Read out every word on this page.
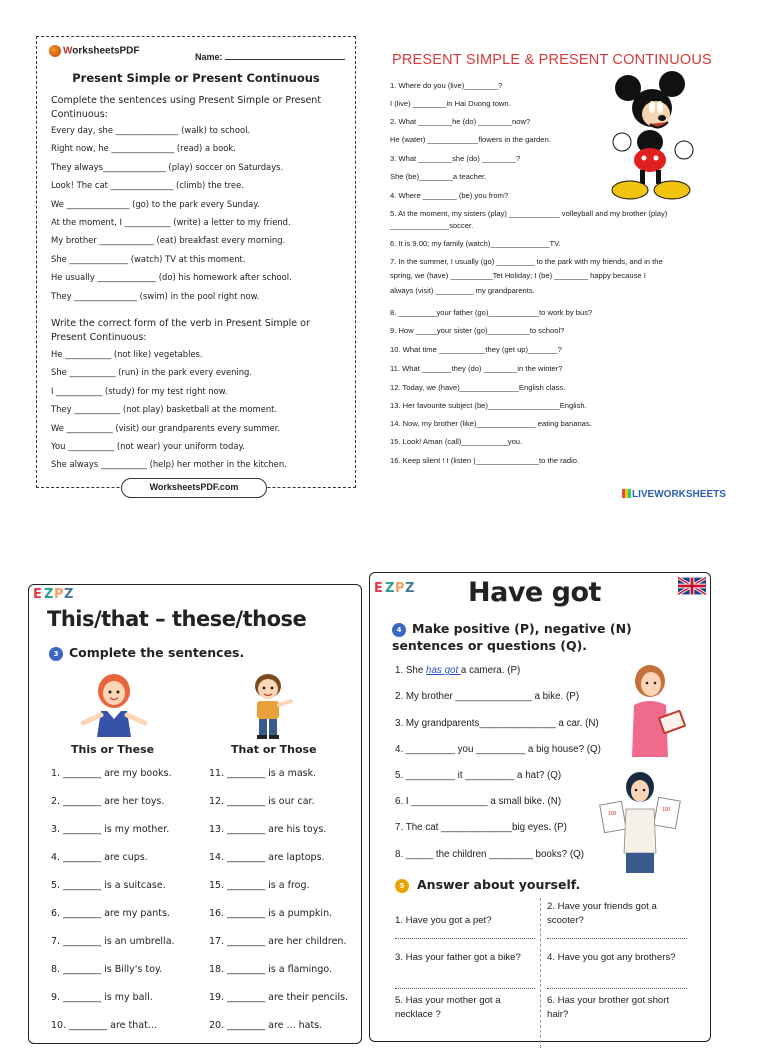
WorksheetsPDF
Name:
Present Simple or Present Continuous
Complete the sentences using Present Simple or Present Continuous:
Every day, she _______________ (walk) to school.
Right now, he _______________ (read) a book.
They always_______________ (play) soccer on Saturdays.
Look! The cat _______________ (climb) the tree.
We _______________ (go) to the park every Sunday.
At the moment, I ___________ (write) a letter to my friend.
My brother _____________ (eat) breakfast every morning.
She ______________ (watch) TV at this moment.
He usually ______________ (do) his homework after school.
They _______________ (swim) in the pool right now.
Write the correct form of the verb in Present Simple or Present Continuous:
He ___________ (not like) vegetables.
She ___________ (run) in the park every evening.
I ___________ (study) for my test right now.
They ___________ (not play) basketball at the moment.
We ___________ (visit) our grandparents every summer.
You ___________ (not wear) your uniform today.
She always ___________ (help) her mother in the kitchen.
WorksheetsPDF.com
PRESENT SIMPLE & PRESENT CONTINUOUS
1. Where do you (live)________?
I (live) ________in Hai Duong town.
2. What ________he (do) ________now?
He (water) ____________flowers in the garden.
3. What ________she (do) ________?
She (be)________a teacher.
4. Where ________ (be) you from?
5. At the moment, my sisters (play) ____________ volleyball and my brother (play)
______________soccer.
6. It is 9.00; my family (watch)______________TV.
7. In the summer, I usually (go) _________ to the park with my friends, and in the
spring, we (have) __________Tet Holiday; I (be) ________ happy because I
always (visit) _________ my grandparents.
8. _________your father (go)____________to work by bus?
9. How _____your sister (go)__________to school?
10. What time ___________they (get up)_______?
11. What _______they (do) ________in the winter?
12. Today, we (have)______________English class.
13. Her favourite subject (be)_________________English.
14. Now, my brother (like)______________ eating bananas.
15. Look! Aman (call)___________you.
16. Keep silent ! I (listen )_______________to the radio.
LIVEWORKSHEETS
E Z P Z
This/that – these/those
3 Complete the sentences.
This or These	That or Those
1. ________ are my books.
2. ________ are her toys.
3. ________ is my mother.
4. ________ are cups.
5. ________ is a suitcase.
6. ________ are my pants.
7. ________ is an umbrella.
8. ________ is Billy's toy.
9. ________ is my ball.
10. ________ are that...
11. ________ is a mask.
12. ________ is our car.
13. ________ are his toys.
14. ________ are laptops.
15. ________ is a frog.
16. ________ is a pumpkin.
17. ________ are her children.
18. ________ is a flamingo.
19. ________ are their pencils.
20. ________ are ... hats.
E Z P Z Have got
4 Make positive (P), negative (N) sentences or questions (Q).
1. She has got a camera. (P)
2. My brother ______________ a bike. (P)
3. My grandparents______________ a car. (N)
4. _________ you _________ a big house? (Q)
5. _________ it _________ a hat? (Q)
6. I ______________ a small bike. (N)
7. The cat _____________big eyes. (P)
8. _____ the children ________ books? (Q)
100
100
5 Answer about yourself.
1. Have you got a pet?
2. Have your friends got a scooter?
3. Has your father got a bike?	4. Have you got any brothers?
5. Has your mother got a necklace ?
6. Has your brother got short hair?
